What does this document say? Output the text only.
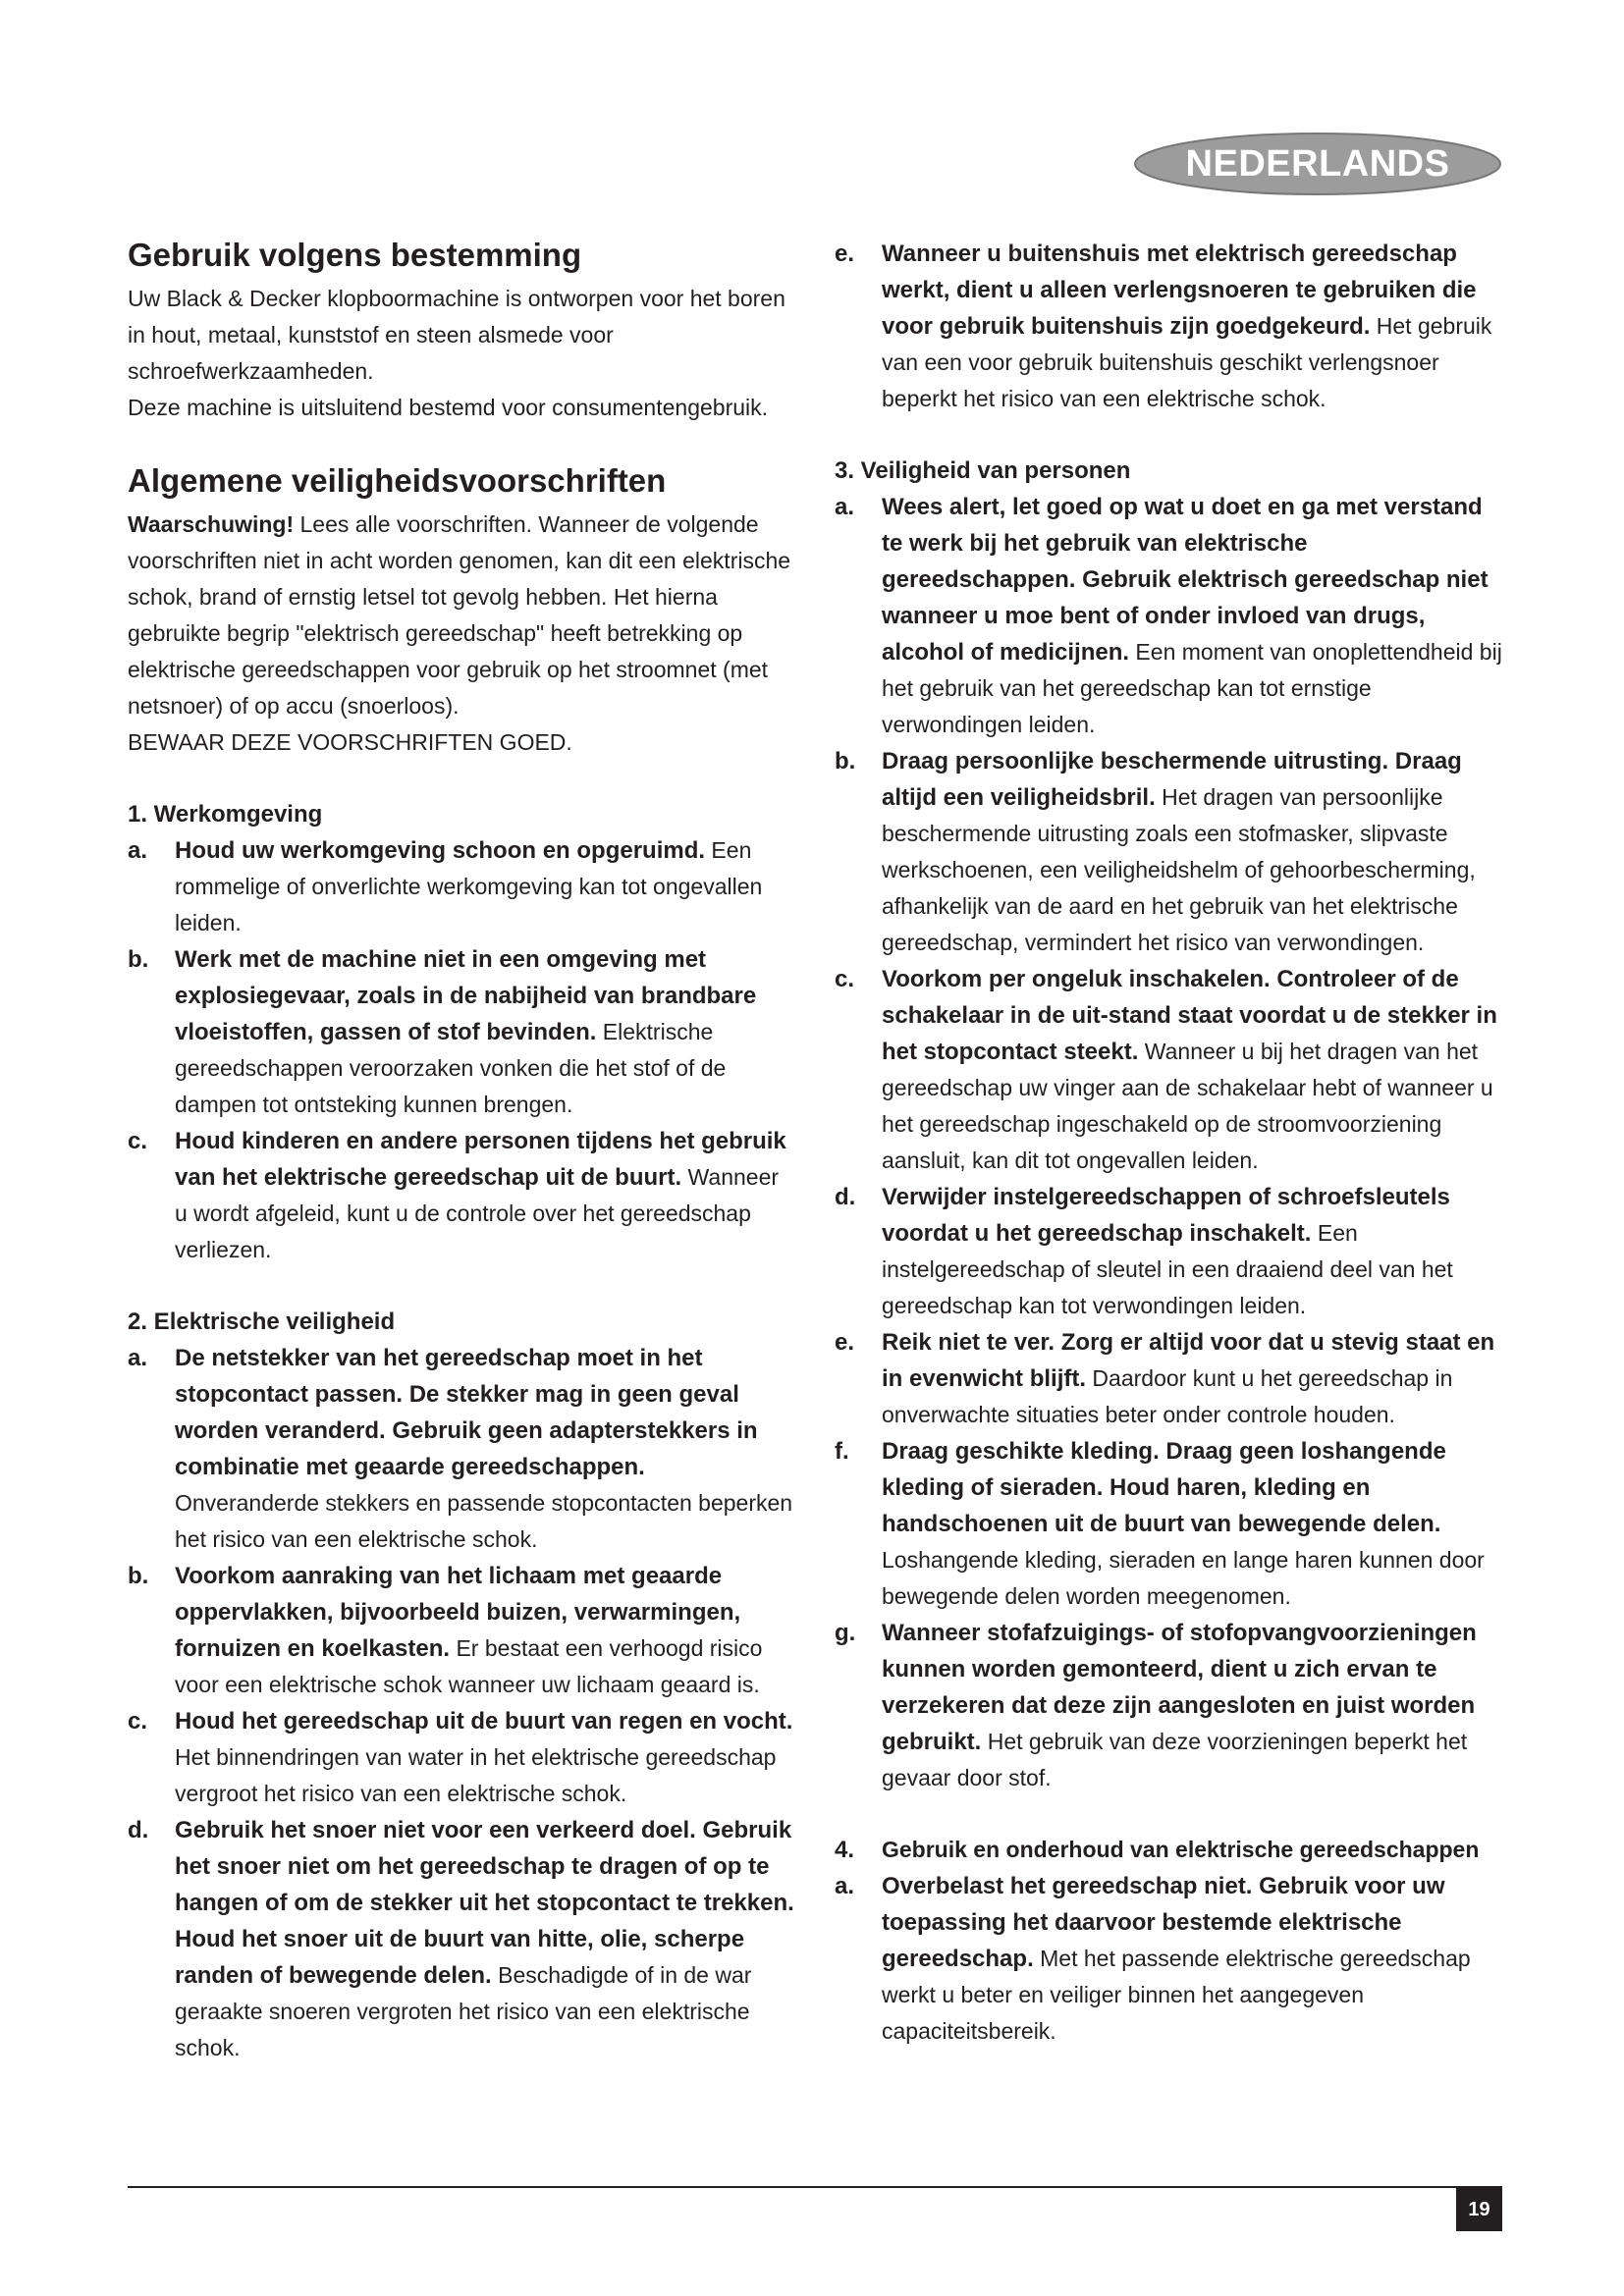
NEDERLANDS
Gebruik volgens bestemming

Uw Black & Decker klopboormachine is ontworpen voor het boren in hout, metaal, kunststof en steen alsmede voor schroefwerkzaamheden.

Deze machine is uitsluitend bestemd voor consumentengebruik.

Algemene veiligheidsvoorschriften

Waarschuwing! Lees alle voorschriften. Wanneer de volgende voorschriften niet in acht worden genomen, kan dit een elektrische schok, brand of ernstig letsel tot gevolg hebben. Het hierna gebruikte begrip "elektrisch gereedschap" heeft betrekking op elektrische gereedschappen voor gebruik op het stroomnet (met netsnoer) of op accu (snoerloos).

BEWAAR DEZE VOORSCHRIFTEN GOED.

1. Werkomgeving

a. Houd uw werkomgeving schoon en opgeruimd. Een rommelige of onverlichte werkomgeving kan tot ongevallen leiden.

b. Werk met de machine niet in een omgeving met explosiegevaar, zoals in de nabijheid van brandbare vloeistoffen, gassen of stof bevinden. Elektrische gereedschappen veroorzaken vonken die het stof of de dampen tot ontsteking kunnen brengen.

c. Houd kinderen en andere personen tijdens het gebruik van het elektrische gereedschap uit de buurt. Wanneer u wordt afgeleid, kunt u de controle over het gereedschap verliezen.

2. Elektrische veiligheid

a. De netstekker van het gereedschap moet in het stopcontact passen. De stekker mag in geen geval worden veranderd. Gebruik geen adapterstekkers in combinatie met geaarde gereedschappen. Onveranderde stekkers en passende stopcontacten beperken het risico van een elektrische schok.

b. Voorkom aanraking van het lichaam met geaarde oppervlakken, bijvoorbeeld buizen, verwarmingen, fornuizen en koelkasten. Er bestaat een verhoogd risico voor een elektrische schok wanneer uw lichaam geaard is.

c. Houd het gereedschap uit de buurt van regen en vocht. Het binnendringen van water in het elektrische gereedschap vergroot het risico van een elektrische schok.

d. Gebruik het snoer niet voor een verkeerd doel. Gebruik het snoer niet om het gereedschap te dragen of op te hangen of om de stekker uit het stopcontact te trekken. Houd het snoer uit de buurt van hitte, olie, scherpe randen of bewegende delen. Beschadigde of in de war geraakte snoeren vergroten het risico van een elektrische schok.

e. Wanneer u buitenshuis met elektrisch gereedschap werkt, dient u alleen verlengsnoeren te gebruiken die voor gebruik buitenshuis zijn goedgekeurd. Het gebruik van een voor gebruik buitenshuis geschikt verlengsnoer beperkt het risico van een elektrische schok.

3. Veiligheid van personen

a. Wees alert, let goed op wat u doet en ga met verstand te werk bij het gebruik van elektrische gereedschappen. Gebruik elektrisch gereedschap niet wanneer u moe bent of onder invloed van drugs, alcohol of medicijnen. Een moment van onoplettendheid bij het gebruik van het gereedschap kan tot ernstige verwondingen leiden.

b. Draag persoonlijke beschermende uitrusting. Draag altijd een veiligheidsbril. Het dragen van persoonlijke beschermende uitrusting zoals een stofmasker, slipvaste werkschoenen, een veiligheidshelm of gehoorbescherming, afhankelijk van de aard en het gebruik van het elektrische gereedschap, vermindert het risico van verwondingen.

c. Voorkom per ongeluk inschakelen. Controleer of de schakelaar in de uit-stand staat voordat u de stekker in het stopcontact steekt. Wanneer u bij het dragen van het gereedschap uw vinger aan de schakelaar hebt of wanneer u het gereedschap ingeschakeld op de stroomvoorziening aansluit, kan dit tot ongevallen leiden.

d. Verwijder instelgereedschappen of schroefsleutels voordat u het gereedschap inschakelt. Een instelgereedschap of sleutel in een draaiend deel van het gereedschap kan tot verwondingen leiden.

e. Reik niet te ver. Zorg er altijd voor dat u stevig staat en in evenwicht blijft. Daardoor kunt u het gereedschap in onverwachte situaties beter onder controle houden.

f. Draag geschikte kleding. Draag geen loshangende kleding of sieraden. Houd haren, kleding en handschoenen uit de buurt van bewegende delen. Loshangende kleding, sieraden en lange haren kunnen door bewegende delen worden meegenomen.

g. Wanneer stofafzuigings- of stofopvangvoorzieningen kunnen worden gemonteerd, dient u zich ervan te verzekeren dat deze zijn aangesloten en juist worden gebruikt. Het gebruik van deze voorzieningen beperkt het gevaar door stof.

4. Gebruik en onderhoud van elektrische gereedschappen

a. Overbelast het gereedschap niet. Gebruik voor uw toepassing het daarvoor bestemde elektrische gereedschap. Met het passende elektrische gereedschap werkt u beter en veiliger binnen het aangegeven capaciteitsbereik.

19
